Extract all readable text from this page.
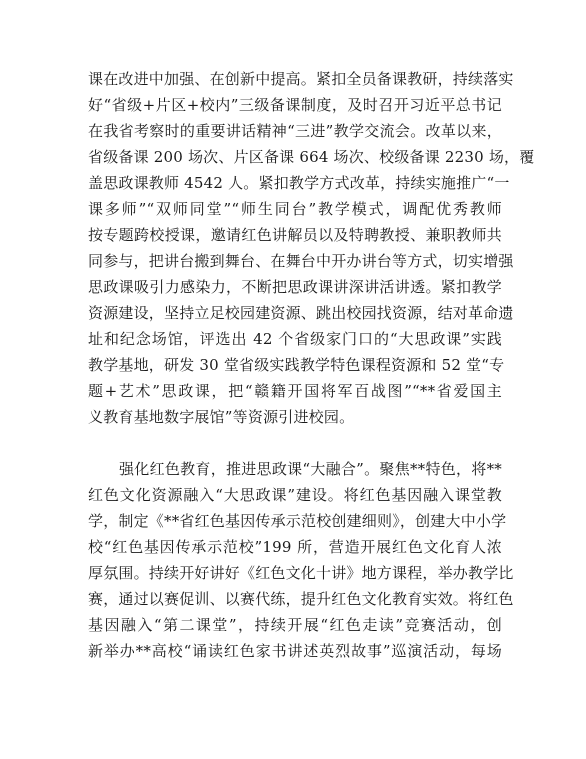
课在改进中加强、在创新中提高。紧扣全员备课教研，持续落实
好“省级+片区+校内”三级备课制度，及时召开习近平总书记
在我省考察时的重要讲话精神“三进”教学交流会。改革以来，
省级备课 200 场次、片区备课 664 场次、校级备课 2230 场，覆
盖思政课教师 4542 人。紧扣教学方式改革，持续实施推广“一
课多师”“双师同堂”“师生同台”教学模式，调配优秀教师
按专题跨校授课，邀请红色讲解员以及特聘教授、兼职教师共
同参与，把讲台搬到舞台、在舞台中开办讲台等方式，切实增强
思政课吸引力感染力，不断把思政课讲深讲活讲透。紧扣教学
资源建设，坚持立足校园建资源、跳出校园找资源，结对革命遗
址和纪念场馆，评选出 42 个省级家门口的“大思政课”实践
教学基地，研发 30 堂省级实践教学特色课程资源和 52 堂“专
题+艺术”思政课，把“赣籍开国将军百战图”“**省爱国主
义教育基地数字展馆”等资源引进校园。
强化红色教育，推进思政课“大融合”。聚焦**特色，将**
红色文化资源融入“大思政课”建设。将红色基因融入课堂教
学，制定《**省红色基因传承示范校创建细则》，创建大中小学
校“红色基因传承示范校”199 所，营造开展红色文化育人浓
厚氛围。持续开好讲好《红色文化十讲》地方课程，举办教学比
赛，通过以赛促训、以赛代练，提升红色文化教育实效。将红色
基因融入“第二课堂”，持续开展“红色走读”竞赛活动，创
新举办**高校“诵读红色家书讲述英烈故事”巡演活动，每场
